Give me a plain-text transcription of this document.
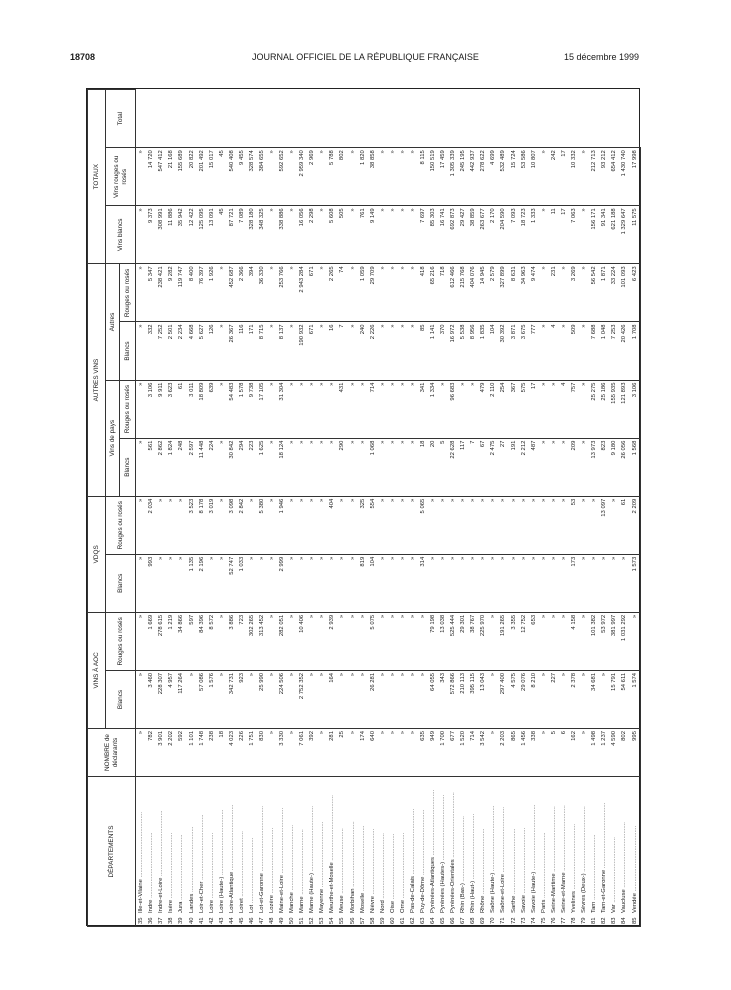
18708	JOURNAL OFFICIEL DE LA RÉPUBLIQUE FRANÇAISE	15 décembre 1999
DÉPARTEMENTS	NOMBRE de déclarants	VINS À AOC		VDQS		AUTRES VINS				TOTAUX		
		Blancs	Rouges ou rosés	Blancs	Rouges ou rosés	Vins de pays		Autres		Vins blancs	Vins rouges ou rosés	Total
						Blancs	Rouges ou rosés	Blancs	Rouges ou rosés			
35Ille-et-Vilaine ........................................	»	»	»	»	»	»	»	»	»	»	»	
36Indre ........................................	782	3 460	1 669	993	2 034	561	3 106	332	5 347	9 373	14 720	
37Indre-et-Loire ........................................	3 901	228 307	278 615	»	»	2 862	9 911	7 252	238 421	308 991	547 412	
38Isère ........................................	2 202	4 957	1 219	»	»	1 824	3 623	2 501	9 282	11 886	21 168	
39Jura ........................................	592	117 264	34 866	»	»	248	61	2 234	119 747	35 942	155 689	
40Landes ........................................	1 101	»	597	1 135	3 523	2 597	3 011	4 668	8 400	12 422	20 822	
41Loir-et-Cher ........................................	1 748	57 086	84 396	2 196	8 178	11 448	18 809	5 627	76 397	125 095	201 492	
42Loire ........................................	238	1 576	8 572	»	3 019	224	639	126	1 926	13 091	15 017	
43Loire (Haute-) ........................................	18	»	»	»	»	»	»	»	»	45	45	
44Loire-Atlantique ........................................	4 023	342 731	3 886	52 747	3 098	30 842	54 483	26 367	452 687	87 721	540 408	
45Loiret ........................................	226	923	723	1 033	2 842	294	1 578	116	2 366	7 089	9 455	
46Lot ........................................	1 751	»	302 265	»	»	223	9 738	171	394	328 180	328 574	
47Lot-et-Garonne ........................................	830	25 990	313 452	»	5 380	1 625	17 105	8 715	36 330	348 325	384 655	
48Lozère ........................................	»	»	»	»	»	»	»	»	»	»	»	
49Maine-et-Loire ........................................	3 330	224 506	282 051	2 999	1 946	18 124	31 304	8 137	253 766	338 886	592 652	
50Manche ........................................	»	»	»	»	»	»	»	»	»	»	»	
51Marne ........................................	7 061	2 752 352	10 406	»	»	»	»	190 932	2 943 284	16 056	2 959 340	
52Marne (Haute-) ........................................	392	»	»	»	»	»	»	671	671	2 298	2 969	
53Mayenne ........................................	»	»	»	»	»	»	»	»	»	»	»	
54Meurthe-et-Moselle ........................................	281	164	2 939	»	404	»	»	16	2 265	5 608	5 788	
55Meuse ........................................	25	»	»	»	»	290	431	7	74	505	802	
56Morbihan ........................................	»	»	»	»	»	»	»	»	»	»	»	
57Moselle ........................................	174	»	»	819	325	»	»	240	1 059	761	1 820	
58Nièvre ........................................	640	26 281	5 075	104	554	1 068	714	2 226	29 709	9 149	38 858	
59Nord ........................................	»	»	»	»	»	»	»	»	»	»	»	
60Oise ........................................	»	»	»	»	»	»	»	»	»	»	»	
61Orne ........................................	»	»	»	»	»	»	»	»	»	»	»	
62Pas-de-Calais ........................................	»	»	»	»	»	»	»	»	»	»	»	
63Puy-de-Dôme ........................................	635	»	»	314	5 065	18	341	85	418	7 697	8 115	
64Pyrénées-Atlantiques ........................................	949	64 055	79 198	»	»	20	1 334	1 141	65 216	85 303	150 519	
65Pyrénées (Hautes-) ........................................	1 700	343	13 038	»	»	5	»	370	718	16 741	17 459	
66Pyrénées-Orientales ........................................	677	572 866	525 444	»	»	22 628	96 683	16 972	612 466	692 873	1 305 339	
67Rhin (Bas-) ........................................	1 520	210 113	29 301	»	»	117	»	5 538	215 768	29 427	245 195	
68Rhin (Haut-) ........................................	714	395 115	38 767	»	»	7	»	8 956	404 076	38 859	442 937	
69Rhône ........................................	3 542	13 043	225 970	»	»	67	479	1 835	14 945	263 677	278 622	
70Saône (Haute-) ........................................	»	»	»	»	»	2 475	2 110	104	2 579	2 170	4 699	
71Saône-et-Loire ........................................	2 203	297 400	191 265	»	»	27	254	30 392	327 899	204 590	532 489	
72Sarthe ........................................	865	4 575	3 355	»	»	191	367	3 871	8 631	7 093	15 724	
73Savoie ........................................	1 456	29 076	12 752	»	»	2 212	575	3 675	34 963	18 723	53 586	
74Savoie (Haute-) ........................................	338	8 210	653	»	»	487	17	777	9 474	1 333	10 807	
75Paris ........................................	»	»	»	»	»	»	»	»	»	»	»	
76Seine-Maritime ........................................	5	227	»	»	»	»	»	4	231	11	242	
77Seine-et-Marne ........................................	6	»	»	»	»	»	4	»	»	17	17	
78Yvelines ........................................	162	2 378	4 158	173	53	209	757	509	3 269	7 063	10 332	
79Sèvres (Deux-) ........................................	»	»	»	»	»	»	»	»	»	»	»	
81Tarn ........................................	1 498	34 681	101 382	»	»	13 973	25 275	7 688	56 542	156 171	212 713	
82Tarn-et-Garonne ........................................	1 237	»	53 972	»	13 097	823	25 186	1 048	1 871	91 341	93 212	
83Var ........................................	4 590	15 791	381 997	»	»	9 180	155 935	7 253	33 224	621 188	654 412	
84Vaucluse ........................................	802	54 611	1 031 292	»	61	26 056	121 893	20 426	101 093	1 329 647	1 430 740	
85Vendée ........................................	995	1 574	»	1 573	2 209	1 568	3 106	1 708	6 423	11 575	17 998	
